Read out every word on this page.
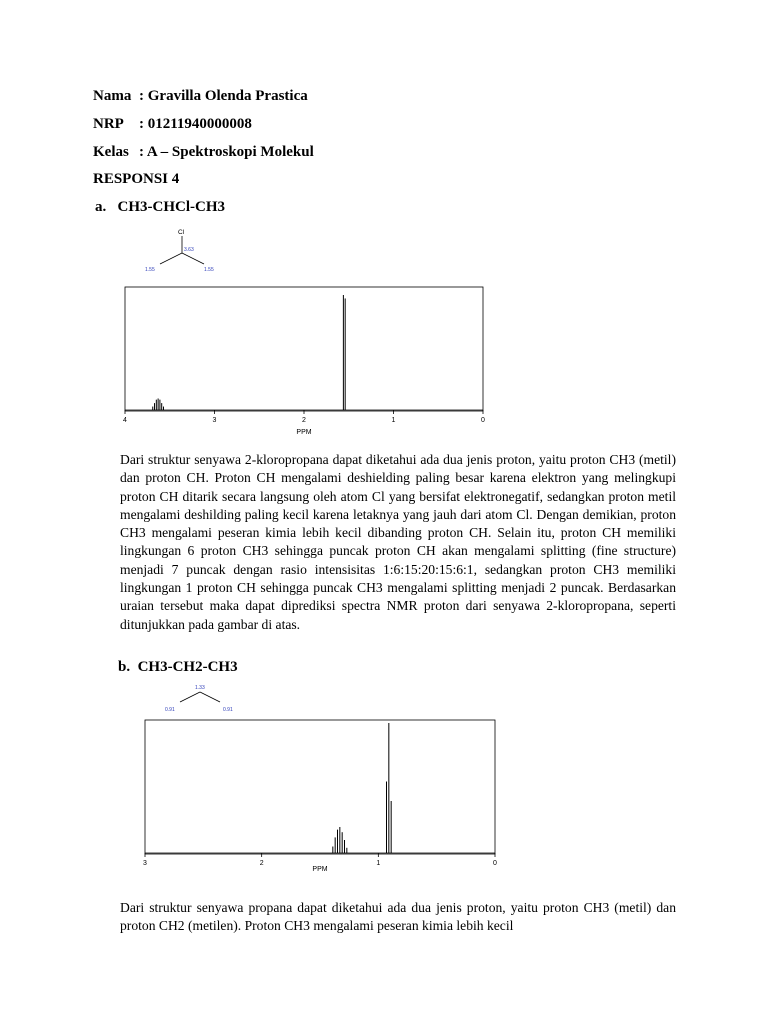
Nama : Gravilla Olenda Prastica
NRP : 01211940000008
Kelas : A – Spektroskopi Molekul
RESPONSI 4
a. CH3-CHCl-CH3
Cl
3.63
1.55	1.55
4	3	2	1	0
PPM
Dari struktur senyawa 2-kloropropana dapat diketahui ada dua jenis proton, yaitu proton CH3 (metil) dan proton CH. Proton CH mengalami deshielding paling besar karena elektron yang melingkupi proton CH ditarik secara langsung oleh atom Cl yang bersifat elektronegatif, sedangkan proton metil mengalami deshilding paling kecil karena letaknya yang jauh dari atom Cl. Dengan demikian, proton CH3 mengalami peseran kimia lebih kecil dibanding proton CH. Selain itu, proton CH memiliki lingkungan 6 proton CH3 sehingga puncak proton CH akan mengalami splitting (fine structure) menjadi 7 puncak dengan rasio intensisitas 1:6:15:20:15:6:1, sedangkan proton CH3 memiliki lingkungan 1 proton CH sehingga puncak CH3 mengalami splitting menjadi 2 puncak. Berdasarkan uraian tersebut maka dapat diprediksi spectra NMR proton dari senyawa 2-kloropropana, seperti ditunjukkan pada gambar di atas.
b. CH3-CH2-CH3
1.33
0.91	0.91
3	2	1	0
PPM
Dari struktur senyawa propana dapat diketahui ada dua jenis proton, yaitu proton CH3 (metil) dan proton CH2 (metilen). Proton CH3 mengalami peseran kimia lebih kecil
